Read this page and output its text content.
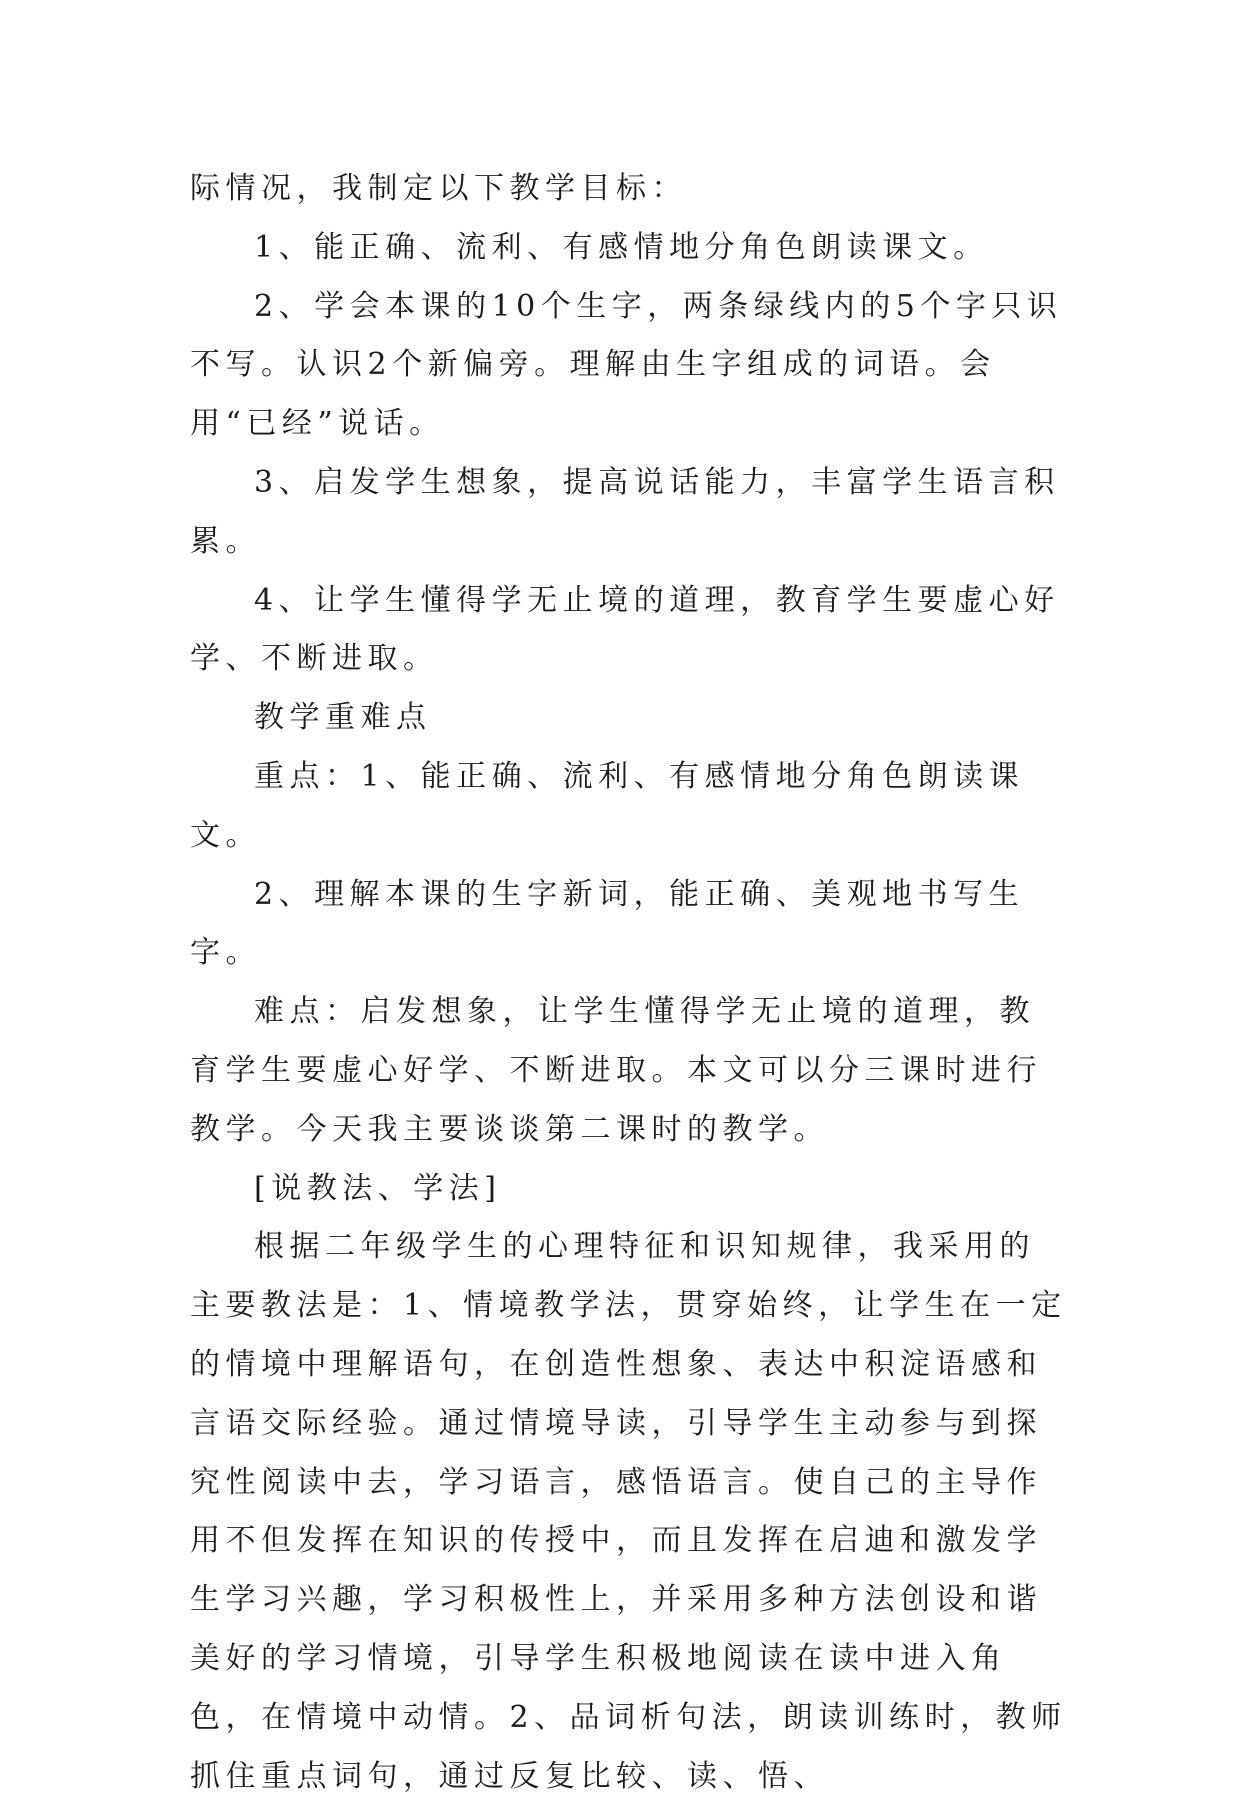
际情况，我制定以下教学目标：

1、能正确、流利、有感情地分角色朗读课文。

2、学会本课的10个生字，两条绿线内的5个字只识不写。认识2个新偏旁。理解由生字组成的词语。会用“已经”说话。

3、启发学生想象，提高说话能力，丰富学生语言积累。

4、让学生懂得学无止境的道理，教育学生要虚心好学、不断进取。

教学重难点

重点：1、能正确、流利、有感情地分角色朗读课文。

2、理解本课的生字新词，能正确、美观地书写生字。

难点：启发想象，让学生懂得学无止境的道理，教育学生要虚心好学、不断进取。本文可以分三课时进行教学。今天我主要谈谈第二课时的教学。

[说教法、学法]

根据二年级学生的心理特征和识知规律，我采用的主要教法是：1、情境教学法，贯穿始终，让学生在一定的情境中理解语句，在创造性想象、表达中积淀语感和言语交际经验。通过情境导读，引导学生主动参与到探究性阅读中去，学习语言，感悟语言。使自己的主导作用不但发挥在知识的传授中，而且发挥在启迪和激发学生学习兴趣，学习积极性上，并采用多种方法创设和谐美好的学习情境，引导学生积极地阅读在读中进入角色，在情境中动情。2、品词析句法，朗读训练时，教师抓住重点词句，通过反复比较、读、悟、
